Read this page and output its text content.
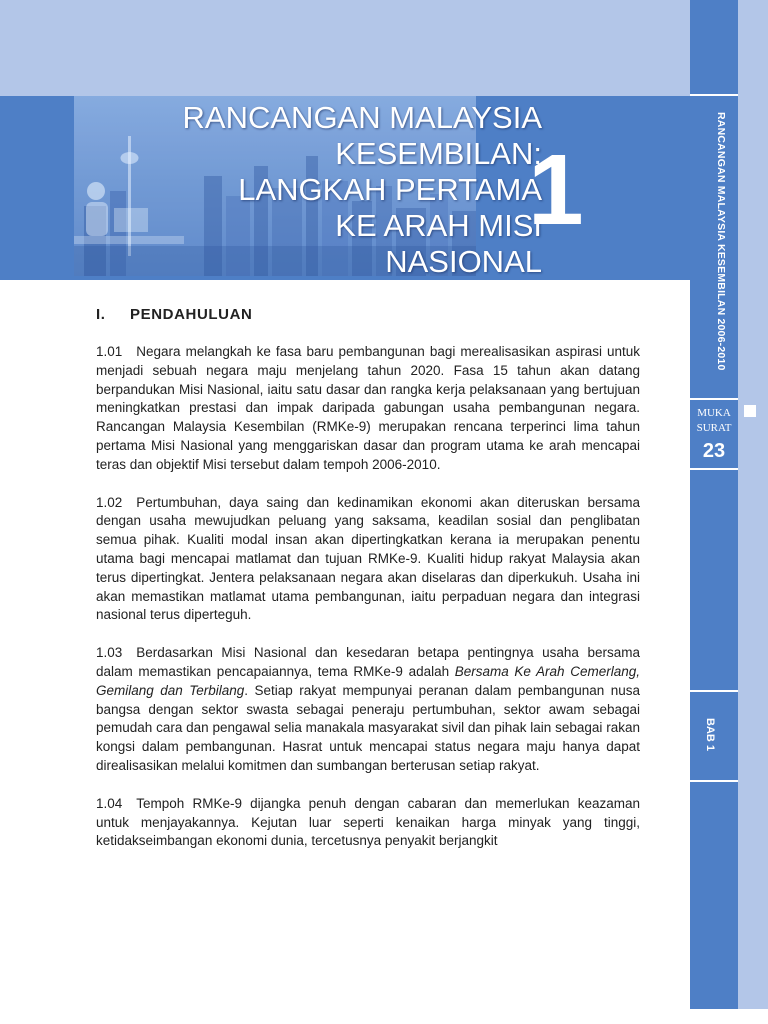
RANCANGAN MALAYSIA
KESEMBILAN:
LANGKAH PERTAMA
KE ARAH MISI
NASIONAL
1	RANCANGAN MALAYSIA KESEMBILAN 2006-2010
MUKA
SURAT
23
BAB 1
I. PENDAHULUAN

1.01 Negara melangkah ke fasa baru pembangunan bagi merealisasikan aspirasi untuk menjadi sebuah negara maju menjelang tahun 2020. Fasa 15 tahun akan datang berpandukan Misi Nasional, iaitu satu dasar dan rangka kerja pelaksanaan yang bertujuan meningkatkan prestasi dan impak daripada gabungan usaha pembangunan negara. Rancangan Malaysia Kesembilan (RMKe-9) merupakan rencana terperinci lima tahun pertama Misi Nasional yang menggariskan dasar dan program utama ke arah mencapai teras dan objektif Misi tersebut dalam tempoh 2006-2010.

1.02 Pertumbuhan, daya saing dan kedinamikan ekonomi akan diteruskan bersama dengan usaha mewujudkan peluang yang saksama, keadilan sosial dan penglibatan semua pihak. Kualiti modal insan akan dipertingkatkan kerana ia merupakan penentu utama bagi mencapai matlamat dan tujuan RMKe-9. Kualiti hidup rakyat Malaysia akan terus dipertingkat. Jentera pelaksanaan negara akan diselaras dan diperkukuh. Usaha ini akan memastikan matlamat utama pembangunan, iaitu perpaduan negara dan integrasi nasional terus diperteguh.

1.03 Berdasarkan Misi Nasional dan kesedaran betapa pentingnya usaha bersama dalam memastikan pencapaiannya, tema RMKe-9 adalah Bersama Ke Arah Cemerlang, Gemilang dan Terbilang. Setiap rakyat mempunyai peranan dalam pembangunan nusa bangsa dengan sektor swasta sebagai peneraju pertumbuhan, sektor awam sebagai pemudah cara dan pengawal selia manakala masyarakat sivil dan pihak lain sebagai rakan kongsi dalam pembangunan. Hasrat untuk mencapai status negara maju hanya dapat direalisasikan melalui komitmen dan sumbangan berterusan setiap rakyat.

1.04 Tempoh RMKe-9 dijangka penuh dengan cabaran dan memerlukan keazaman untuk menjayakannya. Kejutan luar seperti kenaikan harga minyak yang tinggi, ketidakseimbangan ekonomi dunia, tercetusnya penyakit berjangkit
